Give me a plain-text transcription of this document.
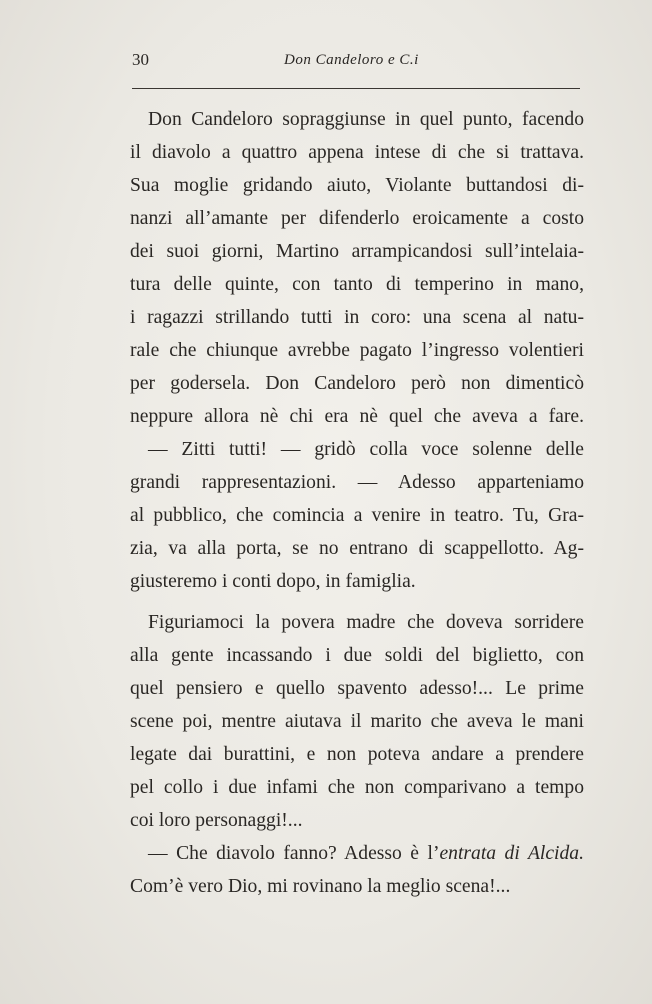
30	Don Candeloro e C.i
Don Candeloro sopraggiunse in quel punto, facendo
il diavolo a quattro appena intese di che si trattava.
Sua moglie gridando aiuto, Violante buttandosi di-
nanzi all’amante per difenderlo eroicamente a costo
dei suoi giorni, Martino arrampicandosi sull’intelaia-
tura delle quinte, con tanto di temperino in mano,
i ragazzi strillando tutti in coro: una scena al natu-
rale che chiunque avrebbe pagato l’ingresso volentieri
per godersela. Don Candeloro però non dimenticò
neppure allora nè chi era nè quel che aveva a fare.
— Zitti tutti! — gridò colla voce solenne delle
grandi rappresentazioni. — Adesso apparteniamo
al pubblico, che comincia a venire in teatro. Tu, Gra-
zia, va alla porta, se no entrano di scappellotto. Ag-
giusteremo i conti dopo, in famiglia.
Figuriamoci la povera madre che doveva sorridere
alla gente incassando i due soldi del biglietto, con
quel pensiero e quello spavento adesso!... Le prime
scene poi, mentre aiutava il marito che aveva le mani
legate dai burattini, e non poteva andare a prendere
pel collo i due infami che non comparivano a tempo
coi loro personaggi!...
— Che diavolo fanno? Adesso è l’entrata di Alcida.
Com’è vero Dio, mi rovinano la meglio scena!...
